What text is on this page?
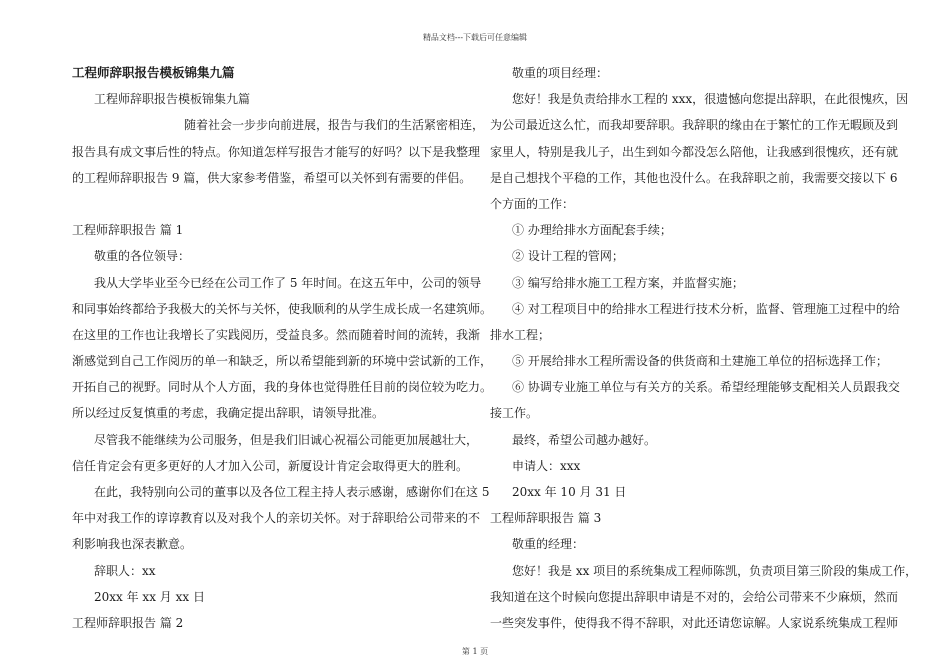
精品文档---下载后可任意编辑
工程师辞职报告模板锦集九篇
工程师辞职报告模板锦集九篇
随着社会一步步向前进展，报告与我们的生活紧密相连，
报告具有成文事后性的特点。你知道怎样写报告才能写的好吗？以下是我整理
的工程师辞职报告 9 篇，供大家参考借鉴，希望可以关怀到有需要的伴侣。
工程师辞职报告 篇 1
敬重的各位领导：
我从大学毕业至今已经在公司工作了 5 年时间。在这五年中，公司的领导
和同事始终都给予我极大的关怀与关怀，使我顺利的从学生成长成一名建筑师。
在这里的工作也让我增长了实践阅历，受益良多。然而随着时间的流转，我渐
渐感觉到自己工作阅历的单一和缺乏，所以希望能到新的环境中尝试新的工作，
开拓自己的视野。同时从个人方面，我的身体也觉得胜任目前的岗位较为吃力。
所以经过反复慎重的考虑，我确定提出辞职，请领导批准。
尽管我不能继续为公司服务，但是我们旧诚心祝福公司能更加展越壮大，
信任肯定会有更多更好的人才加入公司，新厦设计肯定会取得更大的胜利。
在此，我特别向公司的董事以及各位工程主持人表示感谢，感谢你们在这 5
年中对我工作的谆谆教育以及对我个人的亲切关怀。对于辞职给公司带来的不
利影响我也深表歉意。
辞职人：xx
20xx 年 xx 月 xx 日
工程师辞职报告 篇 2
敬重的项目经理：
您好！我是负责给排水工程的 xxx，很遗憾向您提出辞职，在此很愧疚，因
为公司最近这么忙，而我却要辞职。我辞职的缘由在于繁忙的工作无暇顾及到
家里人，特别是我儿子，出生到如今都没怎么陪他，让我感到很愧疚，还有就
是自己想找个平稳的工作，其他也没什么。在我辞职之前，我需要交接以下 6
个方面的工作：
① 办理给排水方面配套手续；
② 设计工程的管网；
③ 编写给排水施工工程方案，并监督实施；
④ 对工程项目中的给排水工程进行技术分析，监督、管理施工过程中的给
排水工程；
⑤ 开展给排水工程所需设备的供货商和土建施工单位的招标选择工作；
⑥ 协调专业施工单位与有关方的关系。希望经理能够支配相关人员跟我交
接工作。
最终，希望公司越办越好。
申请人：xxx
20xx 年 10 月 31 日
工程师辞职报告 篇 3
敬重的经理：
您好！我是 xx 项目的系统集成工程师陈凯，负责项目第三阶段的集成工作，
我知道在这个时候向您提出辞职申请是不对的，会给公司带来不少麻烦，然而
一些突发事件，使得我不得不辞职，对此还请您谅解。人家说系统集成工程师
第 1 页
